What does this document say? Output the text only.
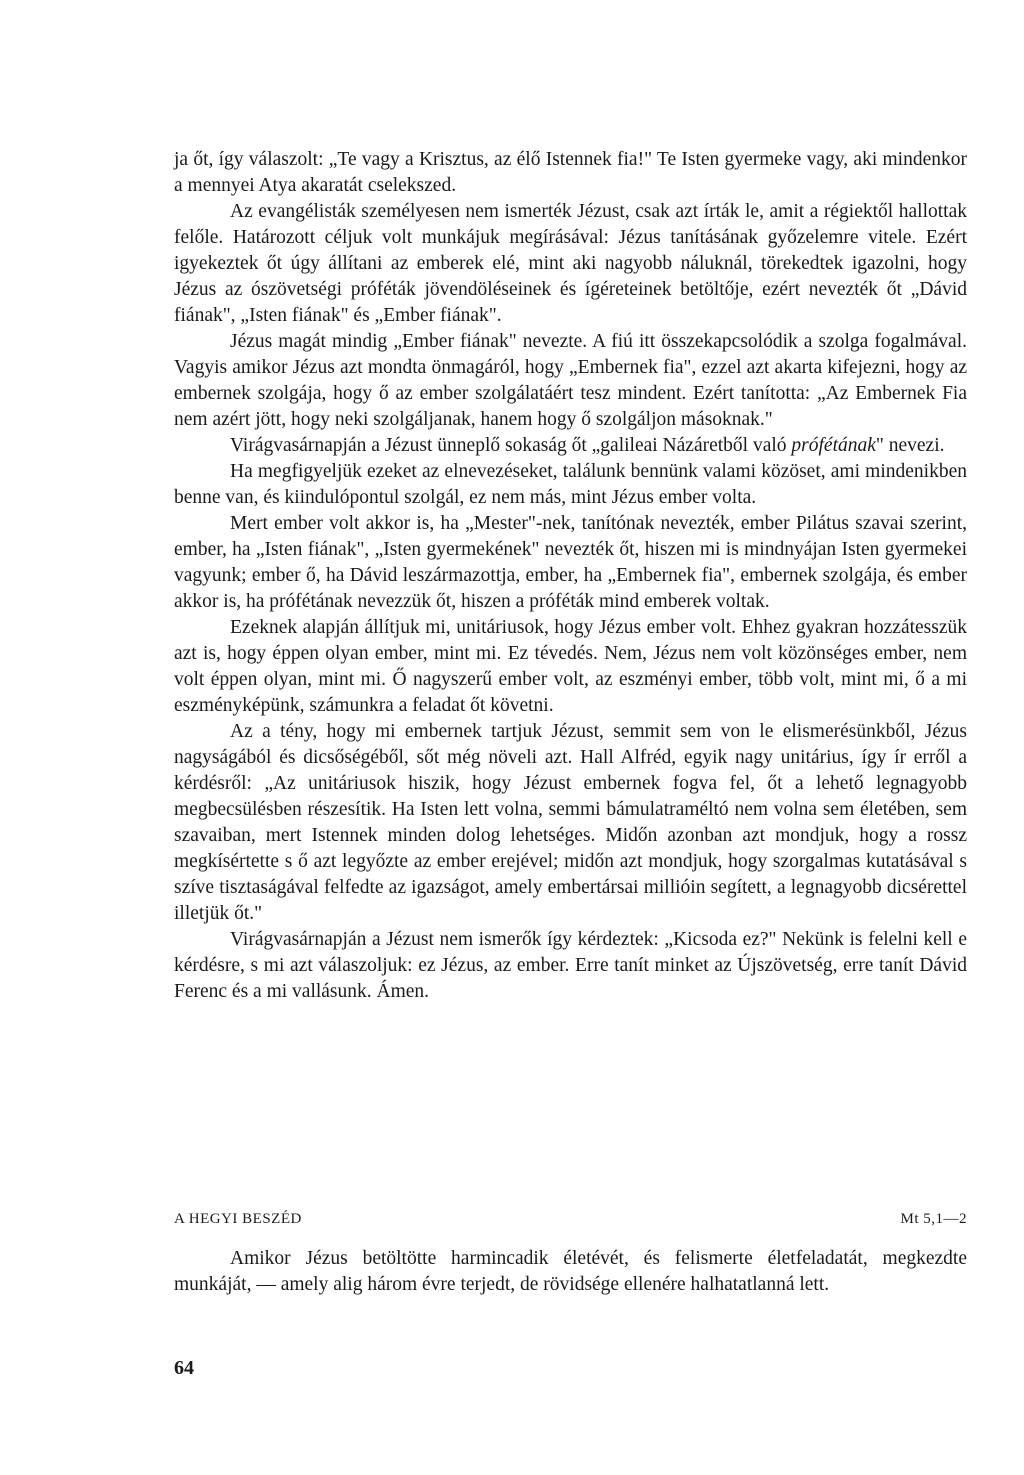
ja őt, így válaszolt: „Te vagy a Krisztus, az élő Istennek fia!" Te Isten gyermeke vagy, aki mindenkor a mennyei Atya akaratát cselekszed.

Az evangélisták személyesen nem ismerték Jézust, csak azt írták le, amit a régiektől hallottak felőle. Határozott céljuk volt munkájuk megírásával: Jézus tanításának győzelemre vitele. Ezért igyekeztek őt úgy állítani az emberek elé, mint aki nagyobb náluknál, törekedtek igazolni, hogy Jézus az ószövetségi próféták jövendöléseinek és ígéreteinek betöltője, ezért nevezték őt „Dávid fiának", „Isten fiának" és „Ember fiának".

Jézus magát mindig „Ember fiának" nevezte. A fiú itt összekapcsolódik a szolga fogalmával. Vagyis amikor Jézus azt mondta önmagáról, hogy „Embernek fia", ezzel azt akarta kifejezni, hogy az embernek szolgája, hogy ő az ember szolgálatáért tesz mindent. Ezért tanította: „Az Embernek Fia nem azért jött, hogy neki szolgáljanak, hanem hogy ő szolgáljon másoknak."

Virágvasárnapján a Jézust ünneplő sokaság őt „galileai Názáretből való prófétának" nevezi.

Ha megfigyeljük ezeket az elnevezéseket, találunk bennünk valami közöset, ami mindenikben benne van, és kiindulópontul szolgál, ez nem más, mint Jézus ember volta.

Mert ember volt akkor is, ha „Mester"-nek, tanítónak nevezték, ember Pilátus szavai szerint, ember, ha „Isten fiának", „Isten gyermekének" nevezték őt, hiszen mi is mindnyájan Isten gyermekei vagyunk; ember ő, ha Dávid leszármazottja, ember, ha „Embernek fia", embernek szolgája, és ember akkor is, ha prófétának nevezzük őt, hiszen a próféták mind emberek voltak.

Ezeknek alapján állítjuk mi, unitáriusok, hogy Jézus ember volt. Ehhez gyakran hozzátesszük azt is, hogy éppen olyan ember, mint mi. Ez tévedés. Nem, Jézus nem volt közönséges ember, nem volt éppen olyan, mint mi. Ő nagyszerű ember volt, az eszményi ember, több volt, mint mi, ő a mi eszményképünk, számunkra a feladat őt követni.

Az a tény, hogy mi embernek tartjuk Jézust, semmit sem von le elismerésünkből, Jézus nagyságából és dicsőségéből, sőt még növeli azt. Hall Alfréd, egyik nagy unitárius, így ír erről a kérdésről: „Az unitáriusok hiszik, hogy Jézust embernek fogva fel, őt a lehető legnagyobb megbecsülésben részesítik. Ha Isten lett volna, semmi bámulatraméltó nem volna sem életében, sem szavaiban, mert Istennek minden dolog lehetséges. Midőn azonban azt mondjuk, hogy a rossz megkísértette s ő azt legyőzte az ember erejével; midőn azt mondjuk, hogy szorgalmas kutatásával s szíve tisztaságával felfedte az igazságot, amely embertársai millióin segített, a legnagyobb dicsérettel illetjük őt."

Virágvasárnapján a Jézust nem ismerők így kérdeztek: „Kicsoda ez?" Nekünk is felelni kell e kérdésre, s mi azt válaszoljuk: ez Jézus, az ember. Erre tanít minket az Újszövetség, erre tanít Dávid Ferenc és a mi vallásunk. Ámen.

A HEGYI BESZÉD	Mt 5,1—2

Amikor Jézus betöltötte harmincadik életévét, és felismerte életfeladatát, megkezdte munkáját, — amely alig három évre terjedt, de rövidsége ellenére halhatatlanná lett.

64
